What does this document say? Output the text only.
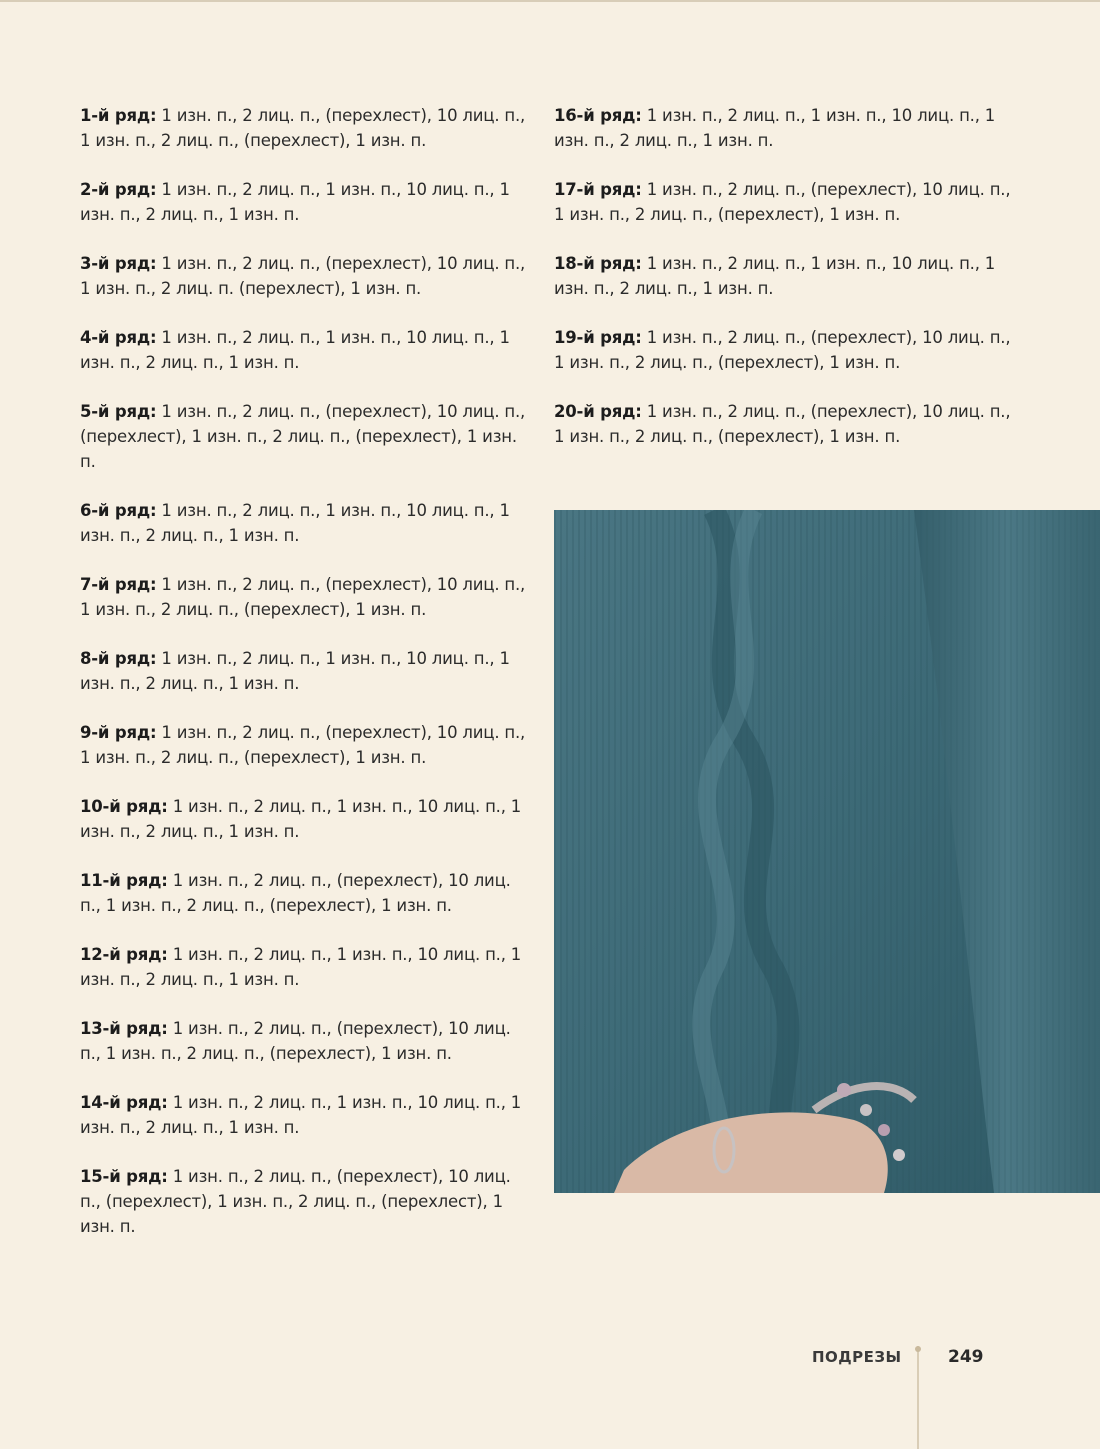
1-й ряд: 1 изн. п., 2 лиц. п., (перехлест), 10 лиц. п., 1 изн. п., 2 лиц. п., (перехлест), 1 изн. п.

2-й ряд: 1 изн. п., 2 лиц. п., 1 изн. п., 10 лиц. п., 1 изн. п., 2 лиц. п., 1 изн. п.

3-й ряд: 1 изн. п., 2 лиц. п., (перехлест), 10 лиц. п., 1 изн. п., 2 лиц. п. (перехлест), 1 изн. п.

4-й ряд: 1 изн. п., 2 лиц. п., 1 изн. п., 10 лиц. п., 1 изн. п., 2 лиц. п., 1 изн. п.

5-й ряд: 1 изн. п., 2 лиц. п., (перехлест), 10 лиц. п., (перехлест), 1 изн. п., 2 лиц. п., (перехлест), 1 изн. п.

6-й ряд: 1 изн. п., 2 лиц. п., 1 изн. п., 10 лиц. п., 1 изн. п., 2 лиц. п., 1 изн. п.

7-й ряд: 1 изн. п., 2 лиц. п., (перехлест), 10 лиц. п., 1 изн. п., 2 лиц. п., (перехлест), 1 изн. п.

8-й ряд: 1 изн. п., 2 лиц. п., 1 изн. п., 10 лиц. п., 1 изн. п., 2 лиц. п., 1 изн. п.

9-й ряд: 1 изн. п., 2 лиц. п., (перехлест), 10 лиц. п., 1 изн. п., 2 лиц. п., (перехлест), 1 изн. п.

10-й ряд: 1 изн. п., 2 лиц. п., 1 изн. п., 10 лиц. п., 1 изн. п., 2 лиц. п., 1 изн. п.

11-й ряд: 1 изн. п., 2 лиц. п., (перехлест), 10 лиц. п., 1 изн. п., 2 лиц. п., (перехлест), 1 изн. п.

12-й ряд: 1 изн. п., 2 лиц. п., 1 изн. п., 10 лиц. п., 1 изн. п., 2 лиц. п., 1 изн. п.

13-й ряд: 1 изн. п., 2 лиц. п., (перехлест), 10 лиц. п., 1 изн. п., 2 лиц. п., (перехлест), 1 изн. п.

14-й ряд: 1 изн. п., 2 лиц. п., 1 изн. п., 10 лиц. п., 1 изн. п., 2 лиц. п., 1 изн. п.

15-й ряд: 1 изн. п., 2 лиц. п., (перехлест), 10 лиц. п., (перехлест), 1 изн. п., 2 лиц. п., (перехлест), 1 изн. п.

16-й ряд: 1 изн. п., 2 лиц. п., 1 изн. п., 10 лиц. п., 1 изн. п., 2 лиц. п., 1 изн. п.

17-й ряд: 1 изн. п., 2 лиц. п., (перехлест), 10 лиц. п., 1 изн. п., 2 лиц. п., (перехлест), 1 изн. п.

18-й ряд: 1 изн. п., 2 лиц. п., 1 изн. п., 10 лиц. п., 1 изн. п., 2 лиц. п., 1 изн. п.

19-й ряд: 1 изн. п., 2 лиц. п., (перехлест), 10 лиц. п., 1 изн. п., 2 лиц. п., (перехлест), 1 изн. п.

20-й ряд: 1 изн. п., 2 лиц. п., (перехлест), 10 лиц. п., 1 изн. п., 2 лиц. п., (перехлест), 1 изн. п.

ПОДРЕЗЫ	249
